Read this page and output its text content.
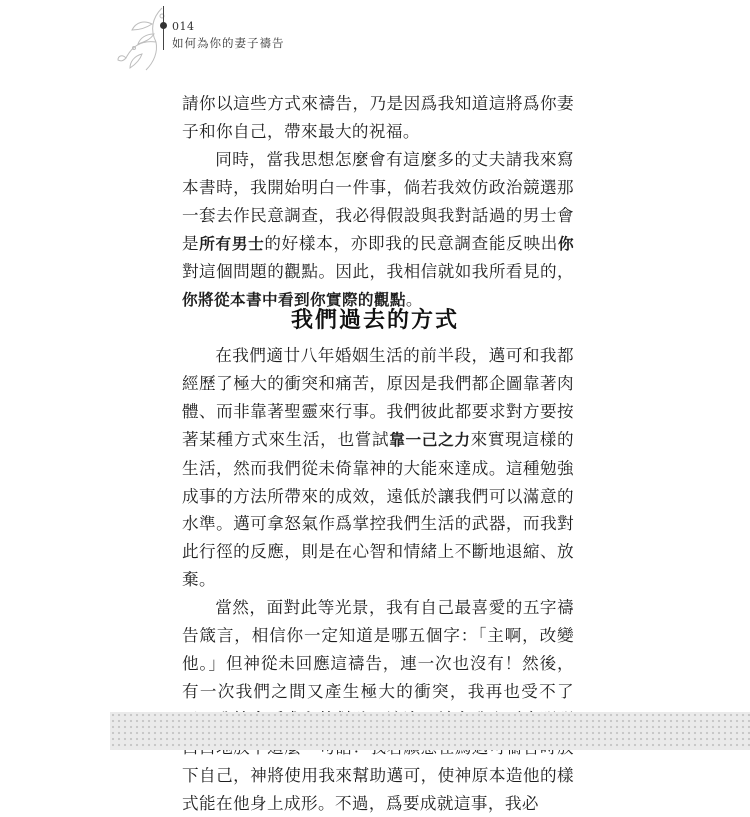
014
如何為你的妻子禱告

請你以這些方式來禱告，乃是因爲我知道這將爲你妻子和你自己，帶來最大的祝福。

同時，當我思想怎麼會有這麼多的丈夫請我來寫本書時，我開始明白一件事，倘若我效仿政治競選那一套去作民意調查，我必得假設與我對話過的男士會是所有男士的好樣本，亦即我的民意調查能反映出你對這個問題的觀點。因此，我相信就如我所看見的，你將從本書中看到你實際的觀點。

我們過去的方式

在我們適廿八年婚姻生活的前半段，邁可和我都經歷了極大的衝突和痛苦，原因是我們都企圖靠著肉體、而非靠著聖靈來行事。我們彼此都要求對方要按著某種方式來生活，也嘗試靠一己之力來實現這樣的生活，然而我們從未倚靠神的大能來達成。這種勉強成事的方法所帶來的成效，遠低於讓我們可以滿意的水準。邁可拿怒氣作爲掌控我們生活的武器，而我對此行徑的反應，則是在心智和情緒上不斷地退縮、放棄。

當然，面對此等光景，我有自己最喜愛的五字禱告箴言，相信你一定知道是哪五個字：「主啊，改變他。」但神從未回應這禱告，連一次也沒有！然後，有一次我們之間又產生極大的衝突，我再也受不了 下自己，神將使用我來幫助邁可，使神原本造他的樣式能在他身上成形。不過，爲要成就這事，我必
